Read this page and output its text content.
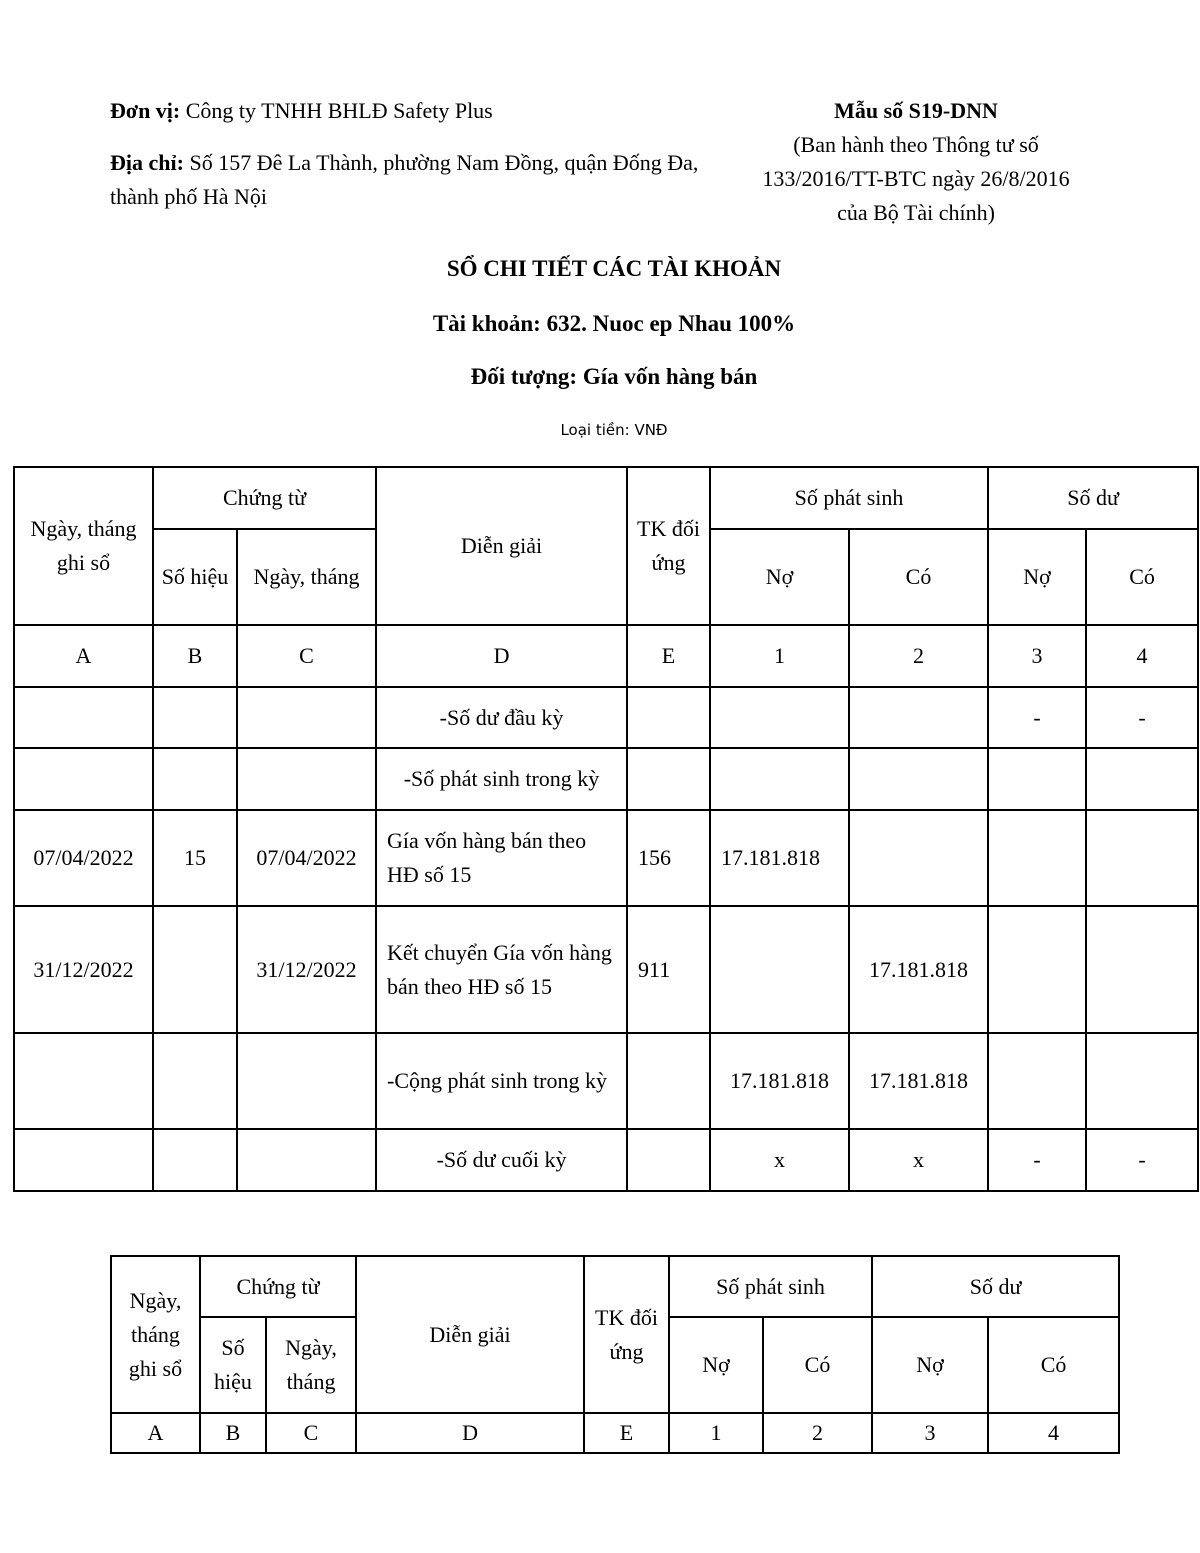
Đơn vị: Công ty TNHH BHLĐ Safety Plus

Địa chỉ: Số 157 Đê La Thành, phường Nam Đồng, quận Đống Đa, thành phố Hà Nội

Mẫu số S19-DNN
(Ban hành theo Thông tư số
133/2016/TT-BTC ngày 26/8/2016
của Bộ Tài chính)
SỔ CHI TIẾT CÁC TÀI KHOẢN
Tài khoản: 632. Nuoc ep Nhau 100%
Đối tượng: Gía vốn hàng bán
Loại tiền: VNĐ
Ngày, tháng ghi sổ	Chứng từ		Diễn giải	TK đối ứng	Số phát sinh		Số dư	
	Số hiệu	Ngày, tháng			Nợ	Có	Nợ	Có
A	B	C	D	E	1	2	3	4
			-Số dư đầu kỳ				-	-
			-Số phát sinh trong kỳ					
07/04/2022	15	07/04/2022	Gía vốn hàng bán theo HĐ số 15	156	17.181.818			
31/12/2022		31/12/2022	Kết chuyển Gía vốn hàng bán theo HĐ số 15	911		17.181.818		
			-Cộng phát sinh trong kỳ		17.181.818	17.181.818		
			-Số dư cuối kỳ		x	x	-	-
Ngày, tháng ghi sổ	Chứng từ		Diễn giải	TK đối ứng	Số phát sinh		Số dư	
	Số hiệu	Ngày, tháng			Nợ	Có	Nợ	Có
A	B	C	D	E	1	2	3	4
